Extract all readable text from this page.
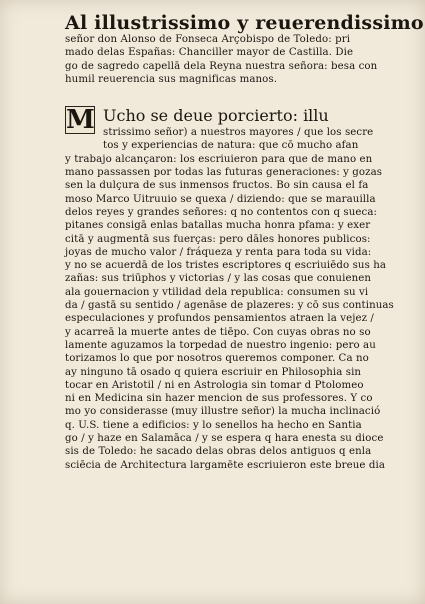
Al illustrissimo y reuerendissimo
señor don Alonso de Fonseca Arçobispo de Toledo: pri
mado delas Españas: Chanciller mayor de Castilla. Die
go de sagredo capellā dela Reyna nuestra señora: besa con
humil reuerencia sus magnificas manos.
M Ucho se deue porcierto: illu
strissimo señor) a nuestros mayores / que los secre
tos y experiencias de natura: que cō mucho afan
y trabajo alcançaron: los escriuieron para que de mano en
mano passassen por todas las futuras generaciones: y gozas
sen la dulçura de sus inmensos fructos. Bo sin causa el fa
moso Marco Uitruuio se quexa / diziendo: que se marauilla
delos reyes y grandes señores: q no contentos con q sueca:
pitanes consigā enlas batallas mucha honra pfama: y exer
citā y augmentā sus fuerças: pero dāles honores publicos:
joyas de mucho valor / fráqueza y renta para toda su vida:
y no se acuerdā de los tristes escriptores q escriuiēdo sus ha
zañas: sus triūphos y victorias / y las cosas que conuienen
ala gouernacion y vtilidad dela republica: consumen su vi
da / gastā su sentido / agenāse de plazeres: y cō sus continuas
especulaciones y profundos pensamientos atraen la vejez /
y acarreā la muerte antes de tiēpo. Con cuyas obras no so
lamente aguzamos la torpedad de nuestro ingenio: pero au
torizamos lo que por nosotros queremos componer. Ca no
ay ninguno tā osado q quiera escriuir en Philosophia sin
tocar en Aristotil / ni en Astrologia sin tomar d Ptolomeo
ni en Medicina sin hazer mencion de sus professores. Y co
mo yo considerasse (muy illustre señor) la mucha inclinació
q. U.S. tiene a edificios: y lo senellos ha hecho en Santia
go / y haze en Salamāca / y se espera q hara enesta su dioce
sis de Toledo: he sacado delas obras delos antiguos q enla
sciēcia de Architectura largamēte escriuieron este breue dia
